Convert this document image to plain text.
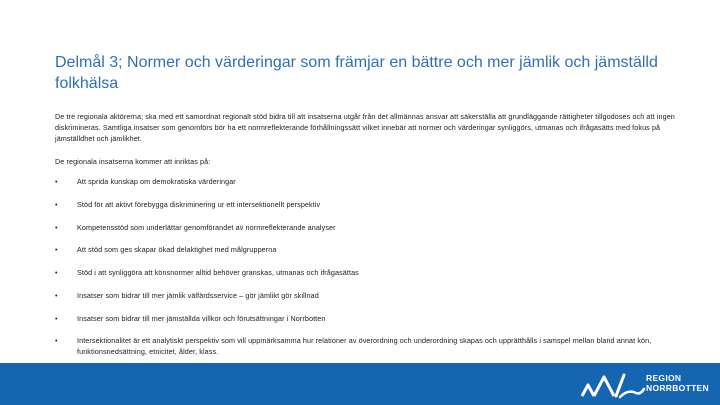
Delmål 3; Normer och värderingar som främjar en bättre och mer jämlik och jämställd folkhälsa

De tre regionala aktörerna; ska med ett samordnat regionalt stöd bidra till att insatserna utgår från det allmännas ansvar att säkerställa att grundläggande rättigheter tillgodoses och att ingen diskrimineras. Samtliga insatser som genomförs bör ha ett normreflekterande förhållningssätt vilket innebär att normer och värderingar synliggörs, utmanas och ifrågasätts med fokus på jämställdhet och jämlikhet.

De regionala insatserna kommer att inriktas på:

•	Att sprida kunskap om demokratiska värderingar
•	Stöd för att aktivt förebygga diskriminering ur ett intersektionellt perspektiv
•	Kompetensstöd som underlättar genomförandet av normreflekterande analyser
•	Att stöd som ges skapar ökad delaktighet med målgrupperna
•	Stöd i att synliggöra att könsnormer alltid behöver granskas, utmanas och ifrågasättas
•	Insatser som bidrar till mer jämlik välfärdsservice – gör jämlikt gör skillnad
•	Insatser som bidrar till mer jämställda villkor och förutsättningar i Norrbotten
•	Intersektionalitet är ett analytiskt perspektiv som vill uppmärksamma hur relationer av överordning och underordning skapas och upprätthålls i samspel mellan bland annat kön, funktionsnedsättning, etnicitet, ålder, klass.
REGION
NORRBOTTEN
